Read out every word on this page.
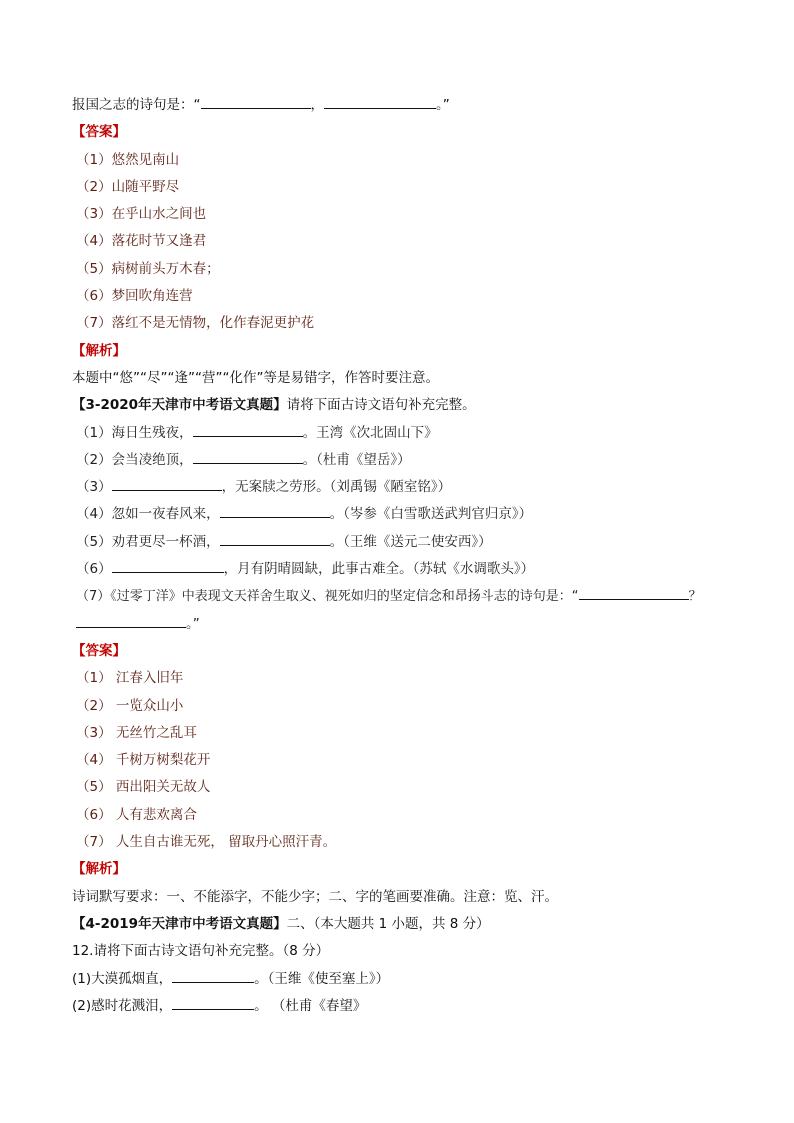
报国之志的诗句是：“	，	。”
【答案】
（1）悠然见南山
（2）山随平野尽
（3）在乎山水之间也
（4）落花时节又逢君
（5）病树前头万木春；
（6）梦回吹角连营
（7）落红不是无情物，化作春泥更护花
【解析】
本题中“悠”“尽”“逢”“营”“化作”等是易错字，作答时要注意。
【3-2020年天津市中考语文真题】请将下面古诗文语句补充完整。
（1）海日生残夜，	。王湾《次北固山下》
（2）会当凌绝顶，	。（杜甫《望岳》）
（3）	，无案牍之劳形。（刘禹锡《陋室铭》）
（4）忽如一夜春风来，	。（岑参《白雪歌送武判官归京》）
（5）劝君更尽一杯酒，	。（王维《送元二使安西》）
（6）	，月有阴晴圆缺，此事古难全。（苏轼《水调歌头》）
（7）《过零丁洋》中表现文天祥舍生取义、视死如归的坚定信念和昂扬斗志的诗句是：“	？
。”
【答案】
（1） 江春入旧年
（2） 一览众山小
（3） 无丝竹之乱耳
（4） 千树万树梨花开
（5） 西出阳关无故人
（6） 人有悲欢离合
（7） 人生自古谁无死， 留取丹心照汗青。
【解析】
诗词默写要求：一、不能添字，不能少字；二、字的笔画要准确。注意：览、汗。
【4-2019年天津市中考语文真题】二、（本大题共 1 小题，共 8 分）
12.请将下面古诗文语句补充完整。（8 分）
(1)大漠孤烟直，	。（王维《使至塞上》）
(2)感时花溅泪，	。 （杜甫《春望》
